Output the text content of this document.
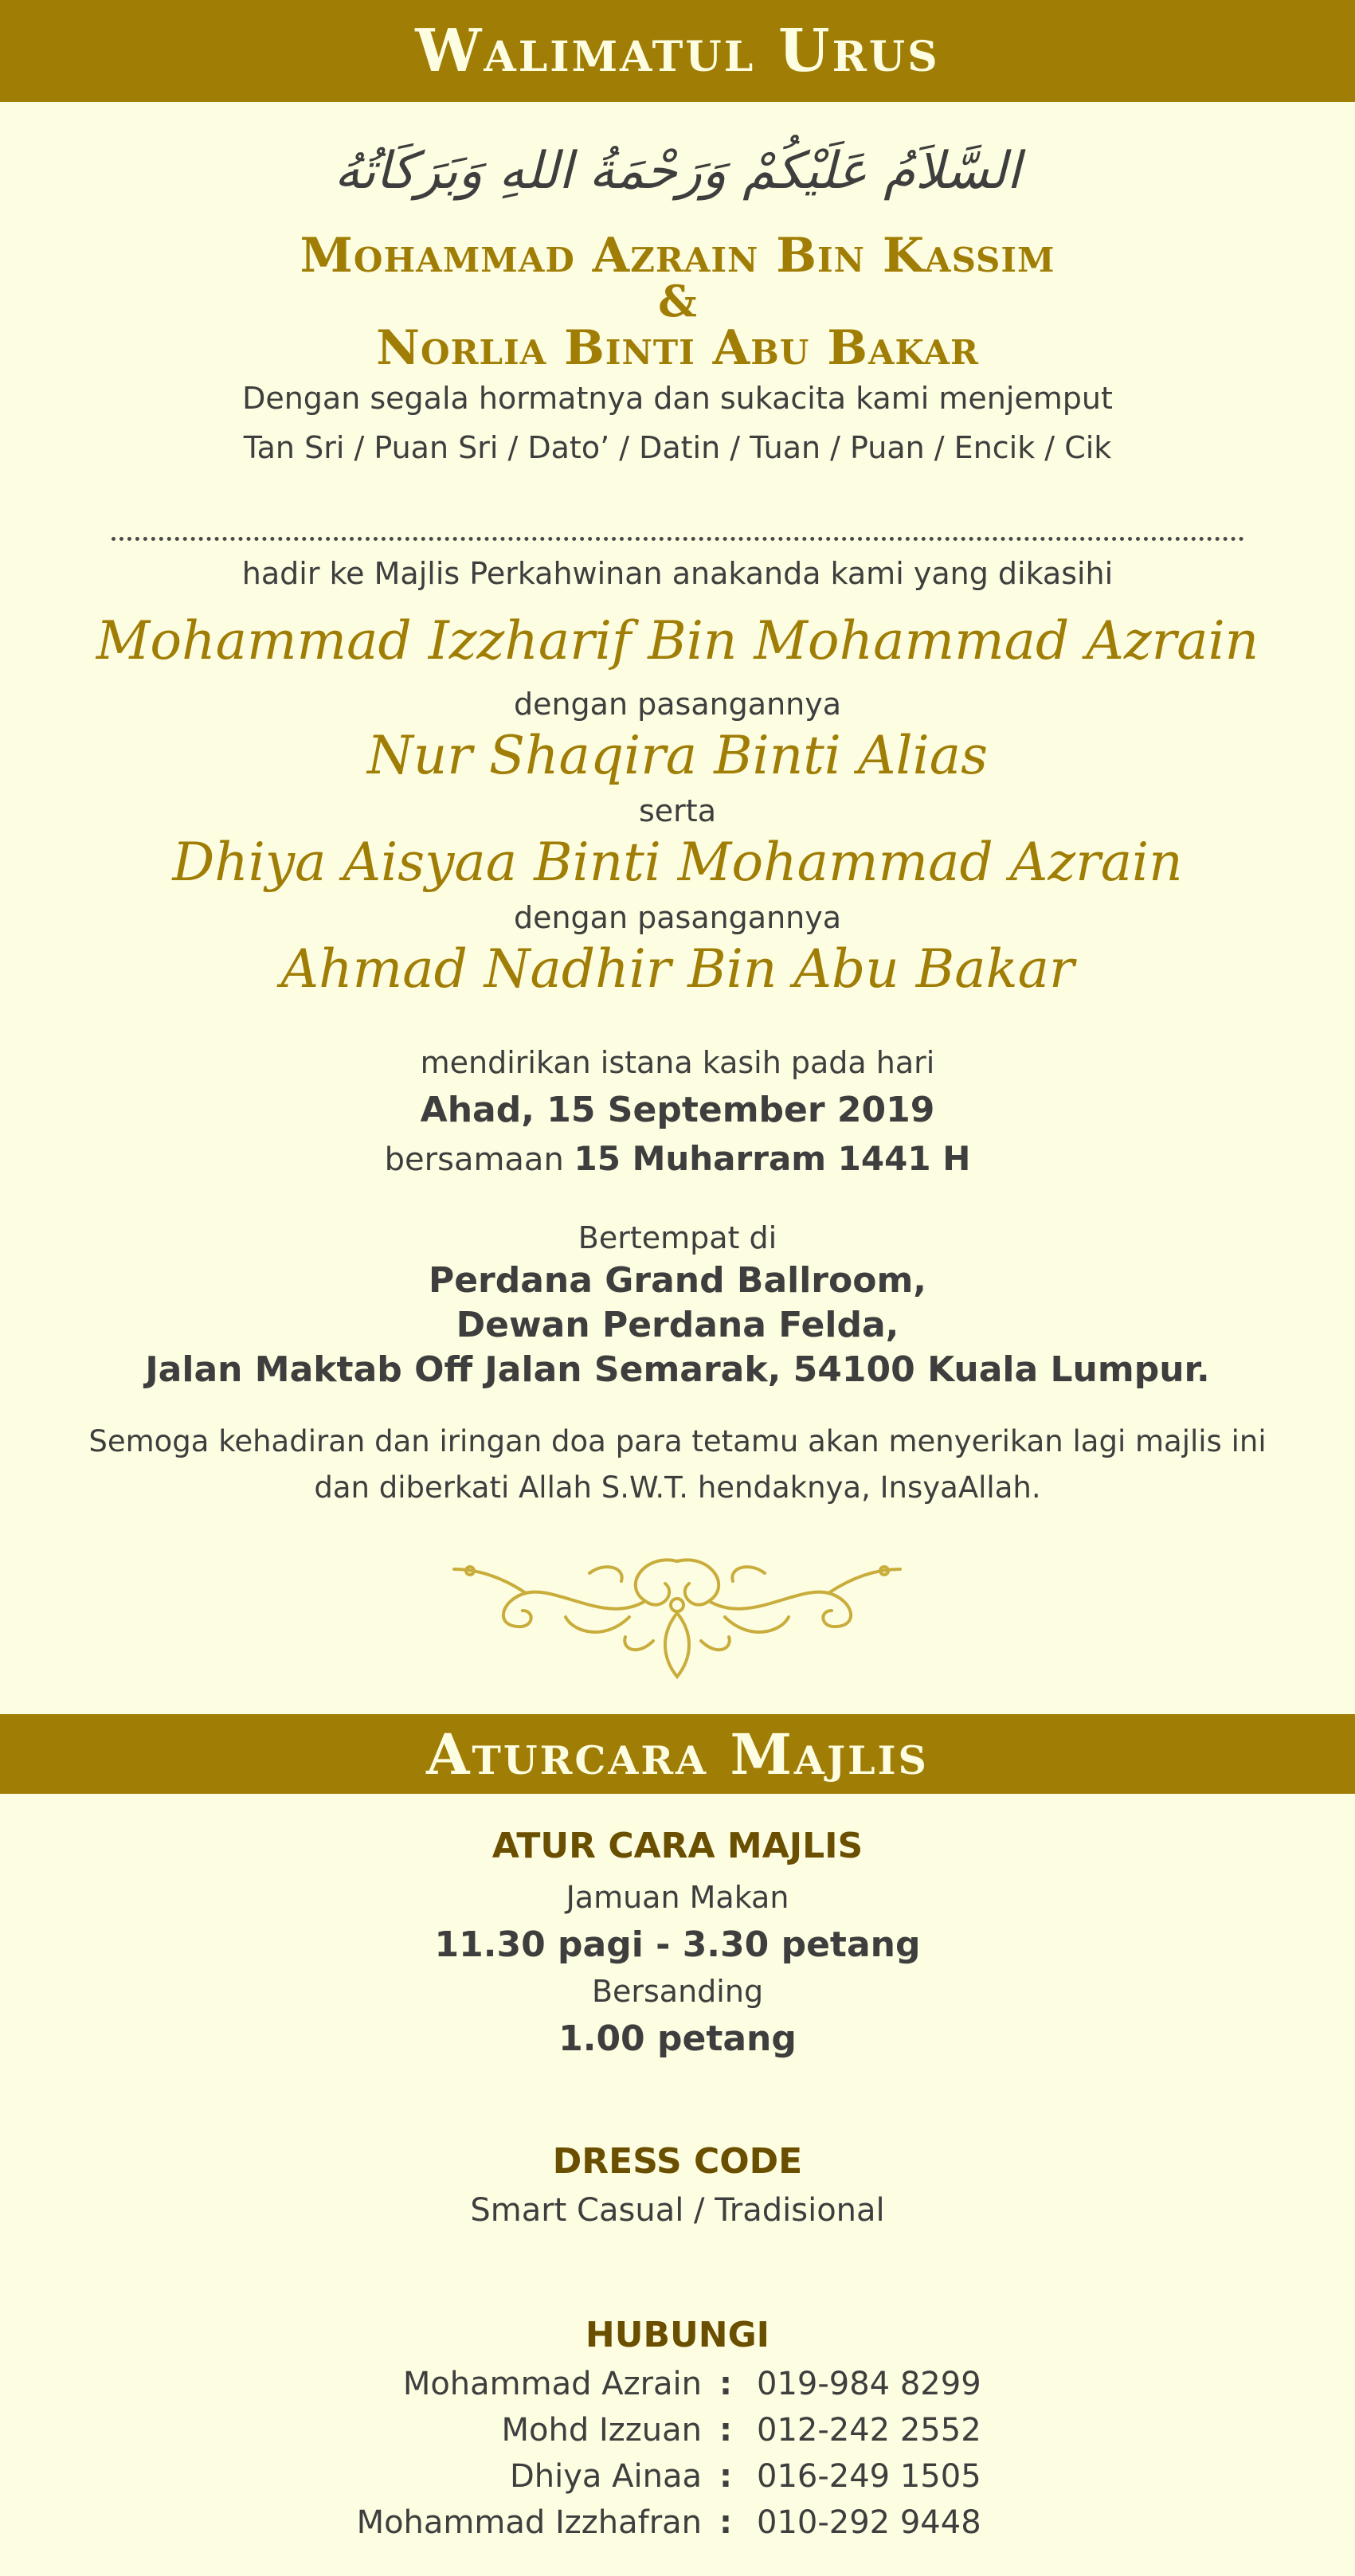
Walimatul Urus
السَّلاَمُ عَلَيْكُمْ وَرَحْمَةُ اللهِ وَبَرَكَاتُهُ
Mohammad Azrain Bin Kassim
&
Norlia Binti Abu Bakar
Dengan segala hormatnya dan sukacita kami menjemput
Tan Sri / Puan Sri / Dato’ / Datin / Tuan / Puan / Encik / Cik
hadir ke Majlis Perkahwinan anakanda kami yang dikasihi
Mohammad Izzharif Bin Mohammad Azrain
dengan pasangannya
Nur Shaqira Binti Alias
serta
Dhiya Aisyaa Binti Mohammad Azrain
dengan pasangannya
Ahmad Nadhir Bin Abu Bakar
mendirikan istana kasih pada hari
Ahad, 15 September 2019
bersamaan 15 Muharram 1441 H
Bertempat di
Perdana Grand Ballroom,
Dewan Perdana Felda,
Jalan Maktab Off Jalan Semarak, 54100 Kuala Lumpur.
Semoga kehadiran dan iringan doa para tetamu akan menyerikan lagi majlis ini
dan diberkati Allah S.W.T. hendaknya, InsyaAllah.
Aturcara Majlis
ATUR CARA MAJLIS
Jamuan Makan
11.30 pagi - 3.30 petang
Bersanding
1.00 petang
DRESS CODE
Smart Casual / Tradisional
HUBUNGI
Mohammad Azrain : 019-984 8299
Mohd Izzuan : 012-242 2552
Dhiya Ainaa : 016-249 1505
Mohammad Izzhafran : 010-292 9448
